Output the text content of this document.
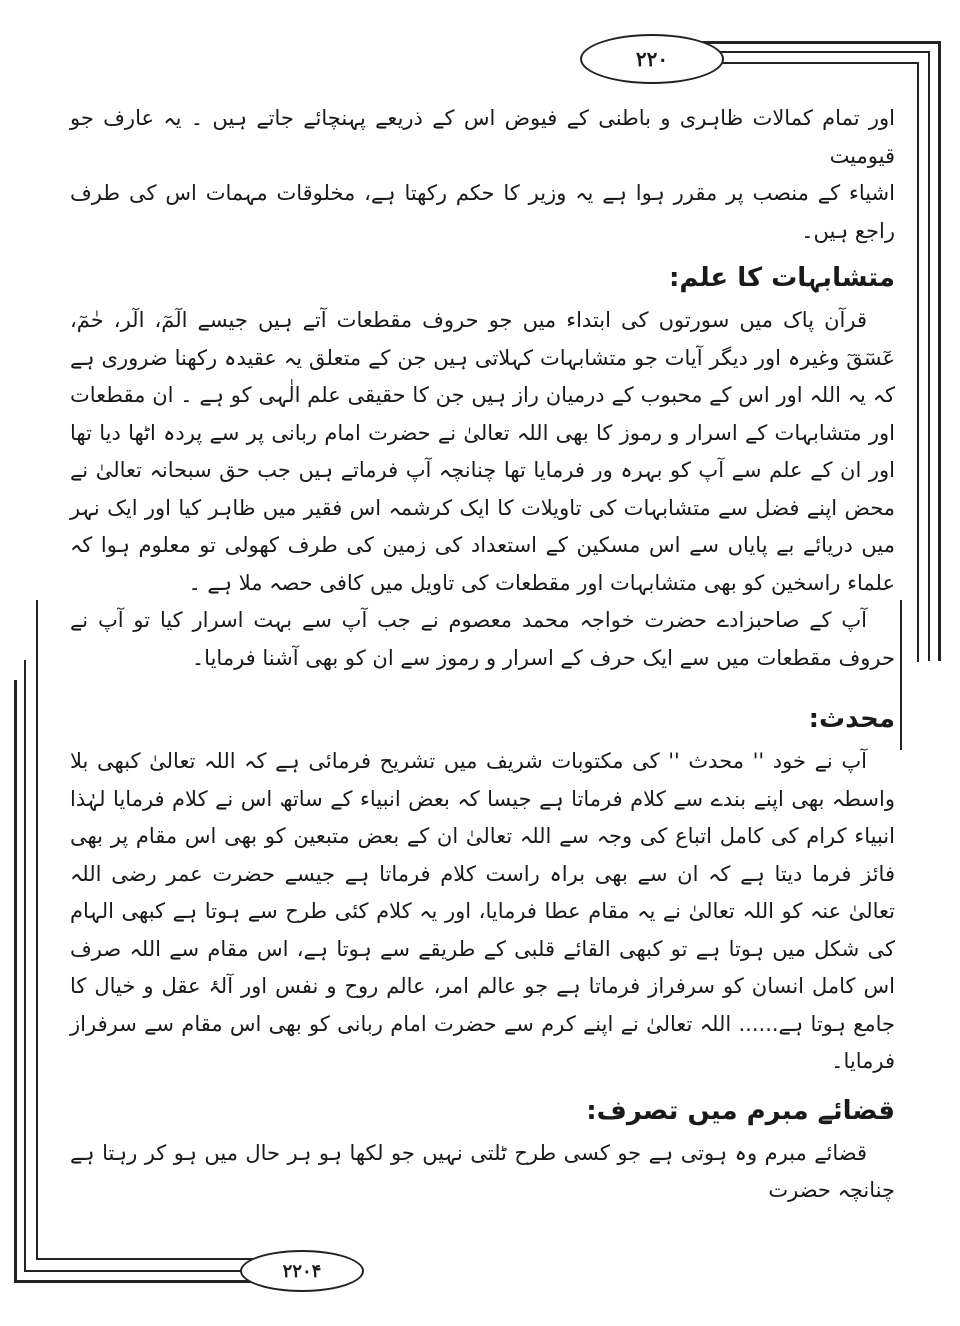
۲۲۰

اور تمام کمالات ظاہری و باطنی کے فیوض اس کے ذریعے پہنچائے جاتے ہیں ۔ یہ عارف جو قیومیت

اشیاء کے منصب پر مقرر ہوا ہے یہ وزیر کا حکم رکھتا ہے، مخلوقات مہمات اس کی طرف راجع ہیں۔

متشابہات کا علم:

قرآن پاک میں سورتوں کی ابتداء میں جو حروف مقطعات آتے ہیں جیسے الٓمٓ، الٓر، حٰمٓ، عٓسٓقٓ وغیرہ اور دیگر آیات جو متشابہات کہلاتی ہیں جن کے متعلق یہ عقیدہ رکھنا ضروری ہے کہ یہ اللہ اور اس کے محبوب کے درمیان راز ہیں جن کا حقیقی علم الٰہی کو ہے ۔ ان مقطعات اور متشابہات کے اسرار و رموز کا بھی اللہ تعالیٰ نے حضرت امام ربانی پر سے پردہ اٹھا دیا تھا اور ان کے علم سے آپ کو بہرہ ور فرمایا تھا چنانچہ آپ فرماتے ہیں جب حق سبحانہ تعالیٰ نے محض اپنے فضل سے متشابہات کی تاویلات کا ایک کرشمہ اس فقیر میں ظاہر کیا اور ایک نہر میں دریائے بے پایاں سے اس مسکین کے استعداد کی زمین کی طرف کھولی تو معلوم ہوا کہ علماء راسخین کو بھی متشابہات اور مقطعات کی تاویل میں کافی حصہ ملا ہے ۔

آپ کے صاحبزادے حضرت خواجہ محمد معصوم نے جب آپ سے بہت اسرار کیا تو آپ نے حروف مقطعات میں سے ایک حرف کے اسرار و رموز سے ان کو بھی آشنا فرمایا۔

محدث:

آپ نے خود '' محدث '' کی مکتوبات شریف میں تشریح فرمائی ہے کہ اللہ تعالیٰ کبھی بلا واسطہ بھی اپنے بندے سے کلام فرماتا ہے جیسا کہ بعض انبیاء کے ساتھ اس نے کلام فرمایا لہٰذا انبیاء کرام کی کامل اتباع کی وجہ سے اللہ تعالیٰ ان کے بعض متبعین کو بھی اس مقام پر بھی فائز فرما دیتا ہے کہ ان سے بھی براہ راست کلام فرماتا ہے جیسے حضرت عمر رضی اللہ تعالیٰ عنہ کو اللہ تعالیٰ نے یہ مقام عطا فرمایا، اور یہ کلام کئی طرح سے ہوتا ہے کبھی الہام کی شکل میں ہوتا ہے تو کبھی القائے قلبی کے طریقے سے ہوتا ہے، اس مقام سے اللہ صرف اس کامل انسان کو سرفراز فرماتا ہے جو عالم امر، عالم روح و نفس اور آلۂ عقل و خیال کا جامع ہوتا ہے...... اللہ تعالیٰ نے اپنے کرم سے حضرت امام ربانی کو بھی اس مقام سے سرفراز فرمایا۔

قضائے مبرم میں تصرف:

قضائے مبرم وہ ہوتی ہے جو کسی طرح ٹلتی نہیں جو لکھا ہو ہر حال میں ہو کر رہتا ہے چنانچہ حضرت

۲۲۰۴
